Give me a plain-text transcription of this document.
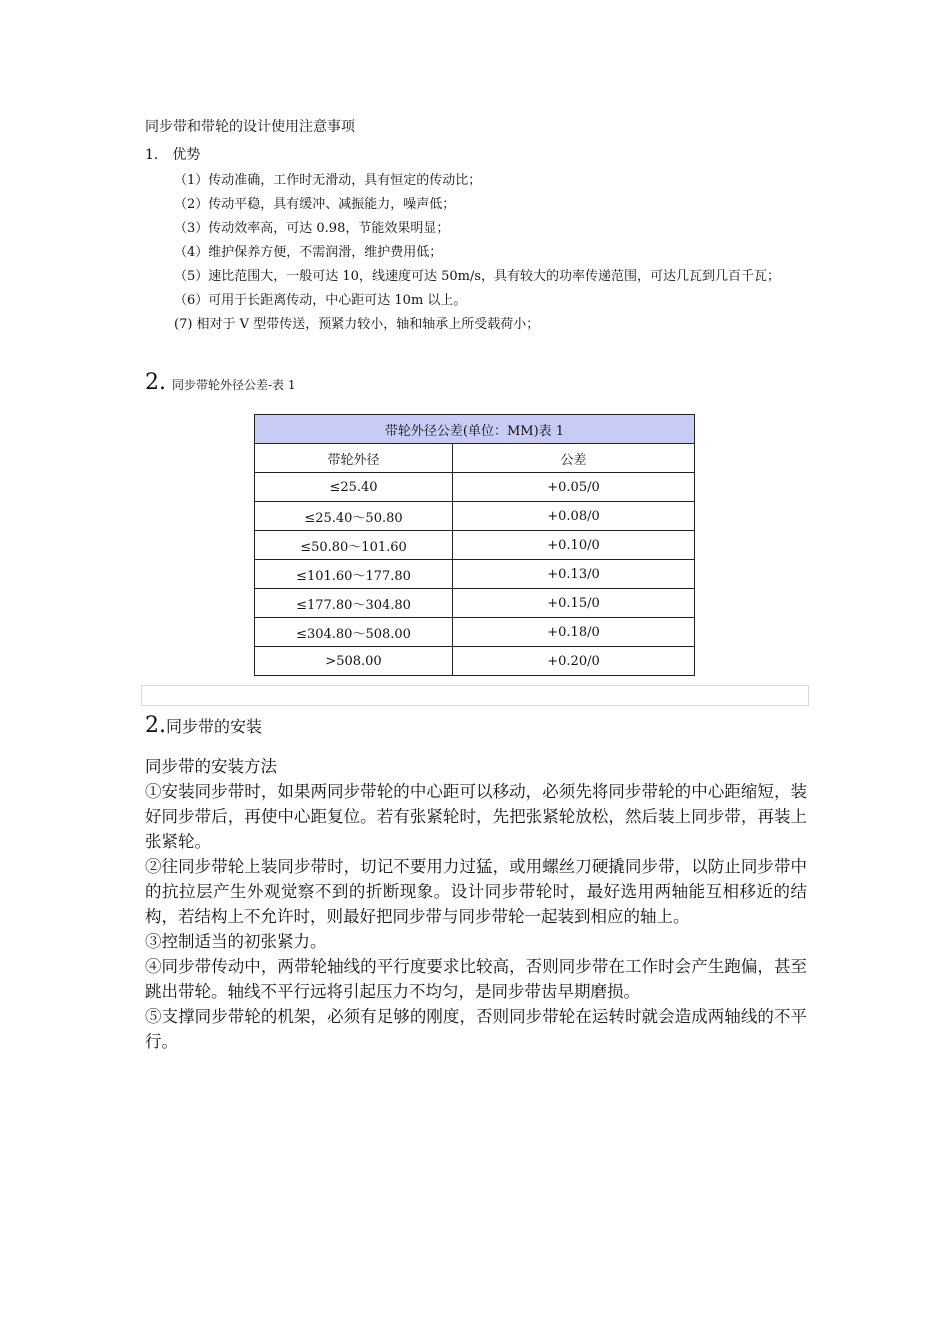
同步带和带轮的设计使用注意事项
1. 优势

（1）传动准确，工作时无滑动，具有恒定的传动比；

（2）传动平稳，具有缓冲、减振能力，噪声低；

（3）传动效率高，可达 0.98，节能效果明显；

（4）维护保养方便，不需润滑，维护费用低；

（5）速比范围大，一般可达 10，线速度可达 50m/s，具有较大的功率传递范围，可达几瓦到几百千瓦；

（6）可用于长距离传动，中心距可达 10m 以上。

(7) 相对于 V 型带传送，预紧力较小，轴和轴承上所受载荷小；

2. 同步带轮外径公差-表 1
带轮外径公差(单位：MM)表 1	
带轮外径	公差
≤25.40	+0.05/0
≤25.40～50.80	+0.08/0
≤50.80～101.60	+0.10/0
≤101.60～177.80	+0.13/0
≤177.80～304.80	+0.15/0
≤304.80～508.00	+0.18/0
>508.00	+0.20/0
2. 同步带的安装

同步带的安装方法

①安装同步带时，如果两同步带轮的中心距可以移动，必须先将同步带轮的中心距缩短，装好同步带后，再使中心距复位。若有张紧轮时，先把张紧轮放松，然后装上同步带，再装上张紧轮。

②往同步带轮上装同步带时，切记不要用力过猛，或用螺丝刀硬撬同步带，以防止同步带中的抗拉层产生外观觉察不到的折断现象。设计同步带轮时，最好选用两轴能互相移近的结构，若结构上不允许时，则最好把同步带与同步带轮一起装到相应的轴上。

③控制适当的初张紧力。

④同步带传动中，两带轮轴线的平行度要求比较高，否则同步带在工作时会产生跑偏，甚至跳出带轮。轴线不平行远将引起压力不均匀，是同步带齿早期磨损。

⑤支撑同步带轮的机架，必须有足够的刚度，否则同步带轮在运转时就会造成两轴线的不平行。
